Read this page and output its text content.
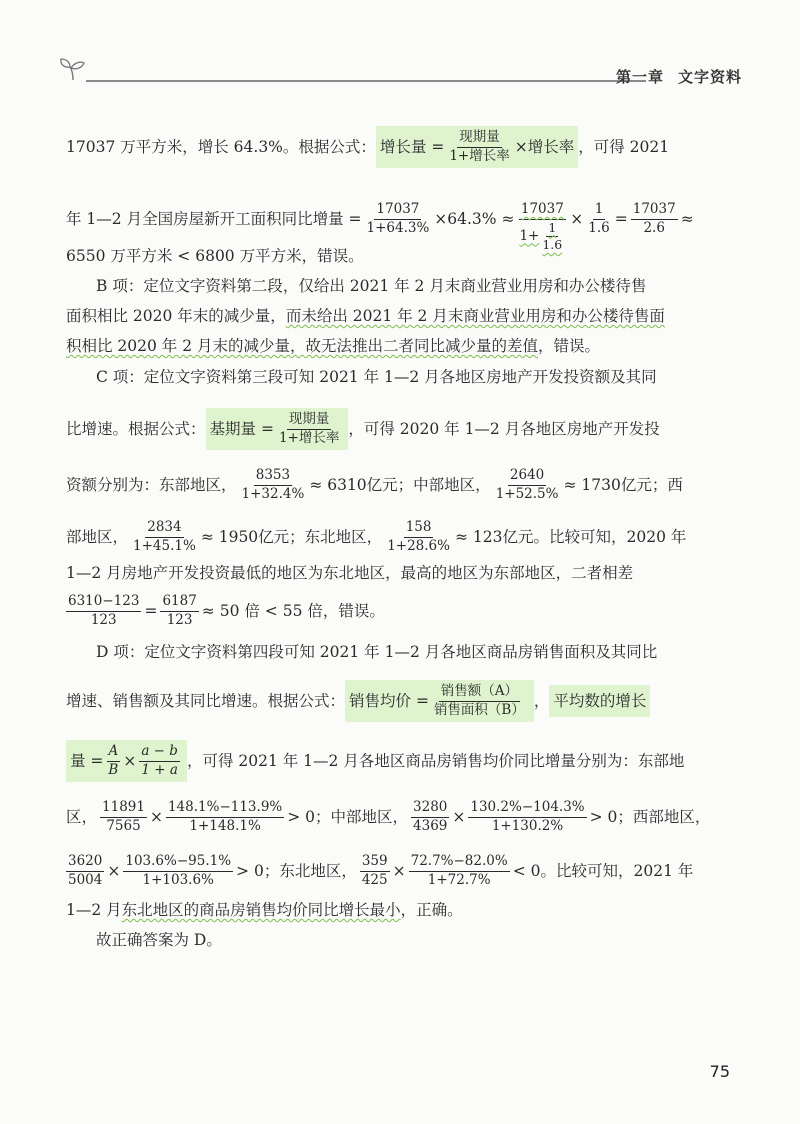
第一章 文字资料
17037 万平方米，增长 64.3%。根据公式： 增长量 = $\frac{\text{现期量}}{\text{1+增长率}}$ ×增长率 ，可得 2021
年 1—2 月全国房屋新开工面积同比增量 = $\frac{17037}{1+64.3\%} \times 64.3\% \approx \frac{17037}{1+ \frac{1}{1.6}} \times \frac{1}{1.6} = \frac{17037}{2.6}$ ≈
6550 万平方米 < 6800 万平方米，错误。
B 项：定位文字资料第二段，仅给出 2021 年 2 月末商业营业用房和办公楼待售
面积相比 2020 年末的减少量， 而未给出 2021 年 2 月末商业营业用房和办公楼待售面
积相比 2020 年 2 月末的减少量，故无法推出二者同比减少量的差值 ，错误。
C 项：定位文字资料第三段可知 2021 年 1—2 月各地区房地产开发投资额及其同
比增速。根据公式： 基期量 = $\frac{\text{现期量}}{\text{1+增长率}}$ ，可得 2020 年 1—2 月各地区房地产开发投
资额分别为：东部地区， $\frac{8353}{1+32.4\%} \approx 6310$亿元；中部地区， $\frac{2640}{1+52.5\%} \approx 1730$亿元；西
部地区， $\frac{2834}{1+45.1\%} \approx 1950$亿元；东北地区， $\frac{158}{1+28.6\%} \approx 123$亿元。比较可知，2020 年
1—2 月房地产开发投资最低的地区为东北地区，最高的地区为东部地区，二者相差
$\frac{6310-123}{123} = \frac{6187}{123} \approx 50$ 倍 < 55 倍，错误。
D 项：定位文字资料第四段可知 2021 年 1—2 月各地区商品房销售面积及其同比
增速、销售额及其同比增速。根据公式： 销售均价 = $\frac{\text{销售额（A）}}{\text{销售面积（B）}}$ ， 平均数的增长
量 = $\frac{A}{B} \times \frac{a - b}{1 + a}$ ，可得 2021 年 1—2 月各地区商品房销售均价同比增量分别为：东部地
区， $\frac{11891}{7565} \times \frac{148.1\%-113.9\%}{1+148.1\%} > 0$；中部地区， $\frac{3280}{4369} \times \frac{130.2\%-104.3\%}{1+130.2\%} > 0$；西部地区，
$\frac{3620}{5004} \times \frac{103.6\%-95.1\%}{1+103.6\%} > 0$；东北地区， $\frac{359}{425} \times \frac{72.7\%-82.0\%}{1+72.7\%} < 0$。比较可知，2021 年
1—2 月 东北地区的商品房销售均价同比增长最小 ，正确。
故正确答案为 D。
75
